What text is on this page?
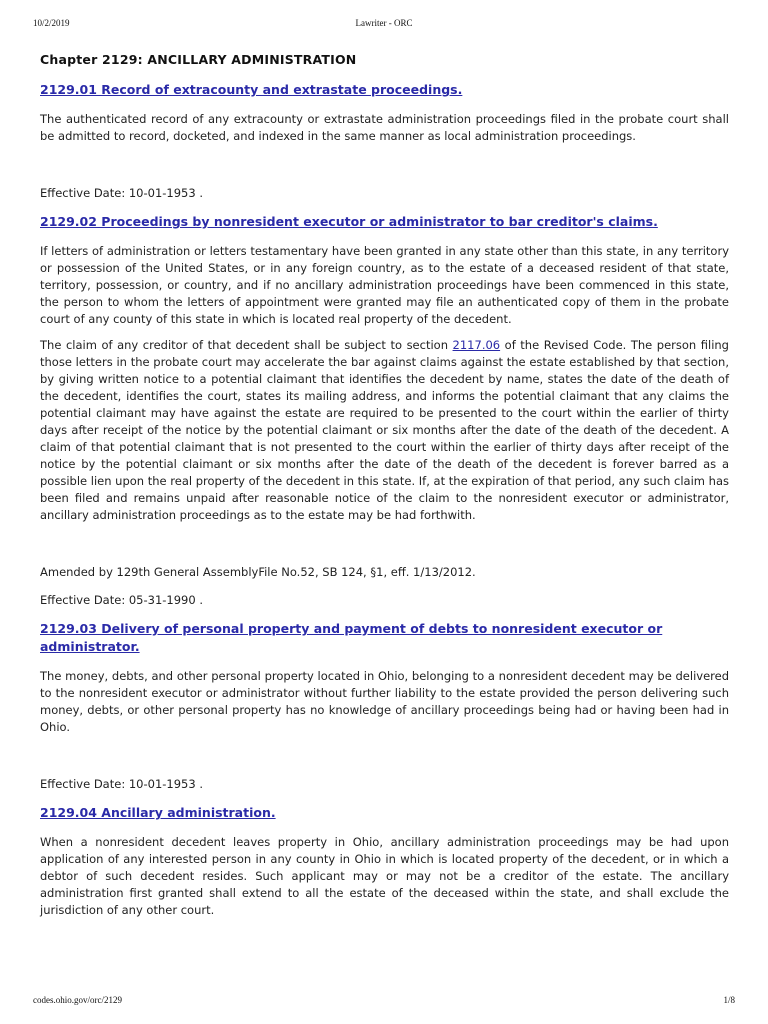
10/2/2019	Lawriter - ORC
Chapter 2129: ANCILLARY ADMINISTRATION
2129.01 Record of extracounty and extrastate proceedings.

The authenticated record of any extracounty or extrastate administration proceedings filed in the probate court shall be admitted to record, docketed, and indexed in the same manner as local administration proceedings.

Effective Date: 10-01-1953 .

2129.02 Proceedings by nonresident executor or administrator to bar creditor's claims.

If letters of administration or letters testamentary have been granted in any state other than this state, in any territory or possession of the United States, or in any foreign country, as to the estate of a deceased resident of that state, territory, possession, or country, and if no ancillary administration proceedings have been commenced in this state, the person to whom the letters of appointment were granted may file an authenticated copy of them in the probate court of any county of this state in which is located real property of the decedent.

The claim of any creditor of that decedent shall be subject to section 2117.06 of the Revised Code. The person filing those letters in the probate court may accelerate the bar against claims against the estate established by that section, by giving written notice to a potential claimant that identifies the decedent by name, states the date of the death of the decedent, identifies the court, states its mailing address, and informs the potential claimant that any claims the potential claimant may have against the estate are required to be presented to the court within the earlier of thirty days after receipt of the notice by the potential claimant or six months after the date of the death of the decedent. A claim of that potential claimant that is not presented to the court within the earlier of thirty days after receipt of the notice by the potential claimant or six months after the date of the death of the decedent is forever barred as a possible lien upon the real property of the decedent in this state. If, at the expiration of that period, any such claim has been filed and remains unpaid after reasonable notice of the claim to the nonresident executor or administrator, ancillary administration proceedings as to the estate may be had forthwith.

Amended by 129th General AssemblyFile No.52, SB 124, §1, eff. 1/13/2012.

Effective Date: 05-31-1990 .

2129.03 Delivery of personal property and payment of debts to nonresident executor or administrator.

The money, debts, and other personal property located in Ohio, belonging to a nonresident decedent may be delivered to the nonresident executor or administrator without further liability to the estate provided the person delivering such money, debts, or other personal property has no knowledge of ancillary proceedings being had or having been had in Ohio.

Effective Date: 10-01-1953 .

2129.04 Ancillary administration.

When a nonresident decedent leaves property in Ohio, ancillary administration proceedings may be had upon application of any interested person in any county in Ohio in which is located property of the decedent, or in which a debtor of such decedent resides. Such applicant may or may not be a creditor of the estate. The ancillary administration first granted shall extend to all the estate of the deceased within the state, and shall exclude the jurisdiction of any other court.

codes.ohio.gov/orc/2129	1/8
